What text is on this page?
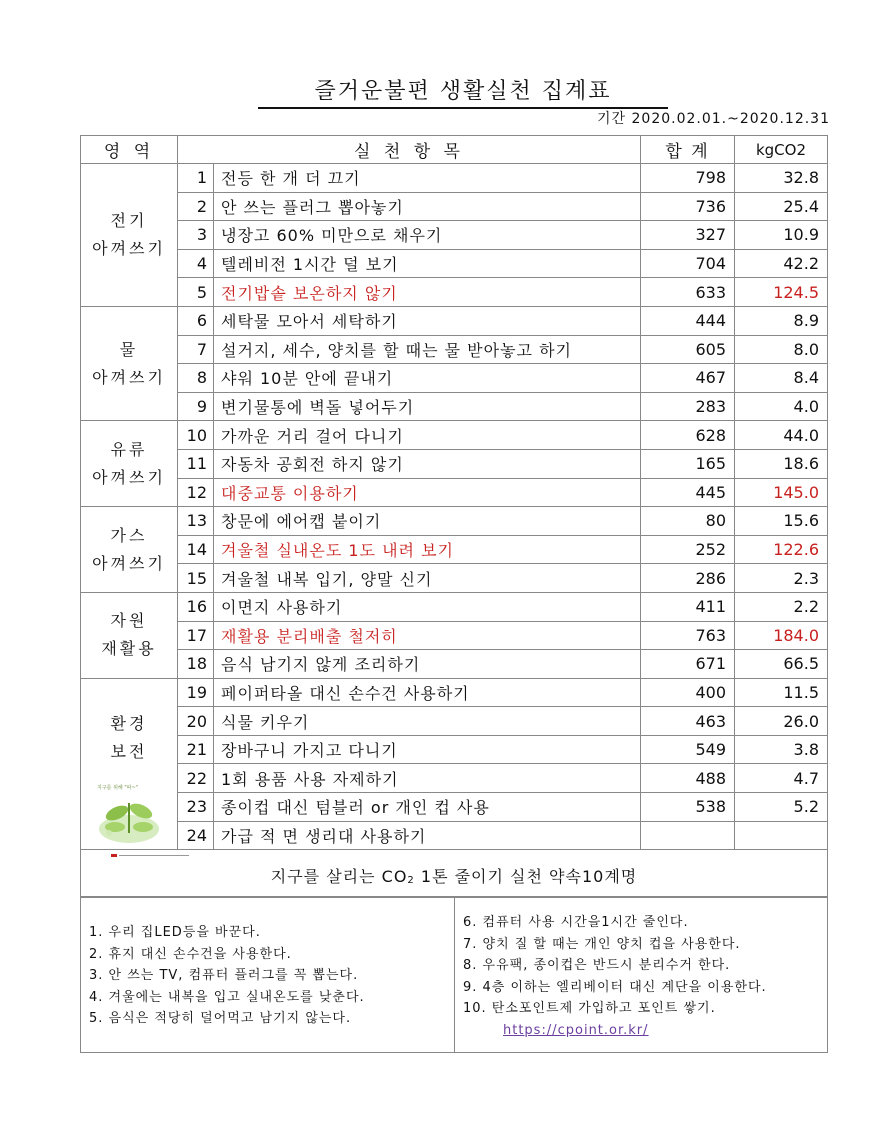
즐거운불편 생활실천 집계표
기간 2020.02.01.~2020.12.31
영 역	실 천 항 목		합 계	kgCO2

전기
아껴쓰기	1	전등 한 개 더 끄기	798	32.8
	2	안 쓰는 플러그 뽑아놓기	736	25.4
	3	냉장고 60% 미만으로 채우기	327	10.9
	4	텔레비전 1시간 덜 보기	704	42.2
	5	전기밥솥 보온하지 않기	633	124.5

물
아껴쓰기	6	세탁물 모아서 세탁하기	444	8.9
	7	설거지, 세수, 양치를 할 때는 물 받아놓고 하기	605	8.0
	8	샤워 10분 안에 끝내기	467	8.4
	9	변기물통에 벽돌 넣어두기	283	4.0

유류
아껴쓰기	10	가까운 거리 걸어 다니기	628	44.0
	11	자동차 공회전 하지 않기	165	18.6
	12	대중교통 이용하기	445	145.0

가스
아껴쓰기	13	창문에 에어캡 붙이기	80	15.6
	14	겨울철 실내온도 1도 내려 보기	252	122.6
	15	겨울철 내복 입기, 양말 신기	286	2.3

자원
재활용	16	이면지 사용하기	411	2.2
	17	재활용 분리배출 철저히	763	184.0
	18	음식 남기지 않게 조리하기	671	66.5

환경
보전
지구를 위해 "따~"	19	페이퍼타올 대신 손수건 사용하기	400	11.5
	20	식물 키우기	463	26.0
	21	장바구니 가지고 다니기	549	3.8
	22	1회 용품 사용 자제하기	488	4.7
	23	종이컵 대신 텀블러 or 개인 컵 사용	538	5.2
	24	가급 적 면 생리대 사용하기		
지구를 살리는 CO2 1톤 줄이기 실천 약속10계명
1. 우리 집LED등을 바꾼다.
2. 휴지 대신 손수건을 사용한다.
3. 안 쓰는 TV, 컴퓨터 플러그를 꼭 뽑는다.
4. 겨울에는 내복을 입고 실내온도를 낮춘다.
5. 음식은 적당히 덜어먹고 남기지 않는다.
6. 컴퓨터 사용 시간을1시간 줄인다.
7. 양치 질 할 때는 개인 양치 컵을 사용한다.
8. 우유팩, 종이컵은 반드시 분리수거 한다.
9. 4층 이하는 엘리베이터 대신 계단을 이용한다.
10. 탄소포인트제 가입하고 포인트 쌓기.
https://cpoint.or.kr/
